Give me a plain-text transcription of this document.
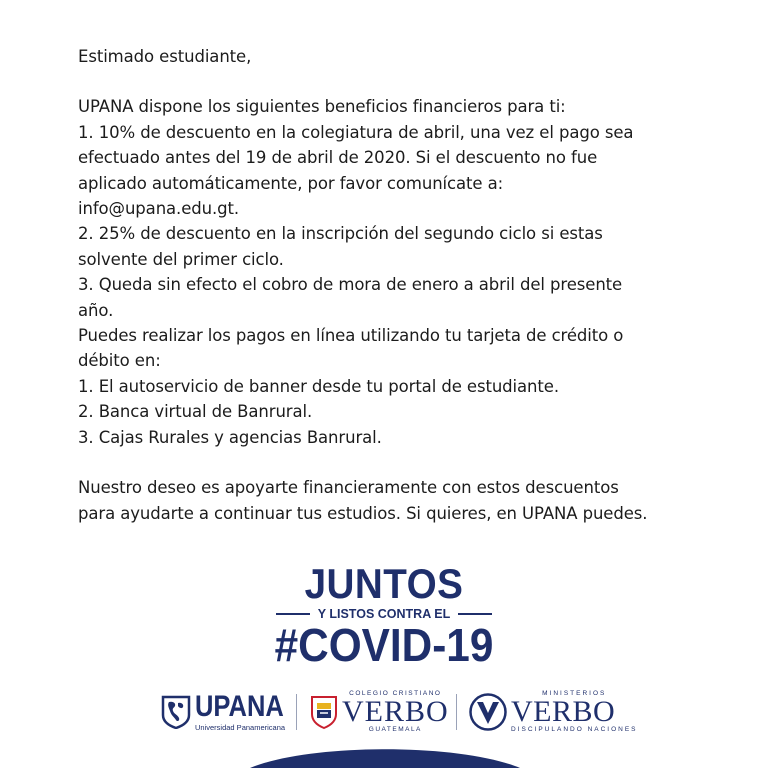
Estimado estudiante,

UPANA dispone los siguientes beneficios financieros para ti:

1. 10% de descuento en la colegiatura de abril, una vez el pago sea

efectuado antes del 19 de abril de 2020. Si el descuento no fue

aplicado automáticamente, por favor comunícate a:

info@upana.edu.gt.

2. 25% de descuento en la inscripción del segundo ciclo si estas

solvente del primer ciclo.

3. Queda sin efecto el cobro de mora de enero a abril del presente

año.

Puedes realizar los pagos en línea utilizando tu tarjeta de crédito o

débito en:

1. El autoservicio de banner desde tu portal de estudiante.

2. Banca virtual de Banrural.

3. Cajas Rurales y agencias Banrural.

Nuestro deseo es apoyarte financieramente con estos descuentos

para ayudarte a continuar tus estudios. Si quieres, en UPANA puedes.

JUNTOS
Y LISTOS CONTRA EL
#COVID-19
UPANA
Universidad Panamericana
COLEGIO CRISTIANO
VERBO
GUATEMALA
MINISTERIOS
VERBO
DISCIPULANDO NACIONES
